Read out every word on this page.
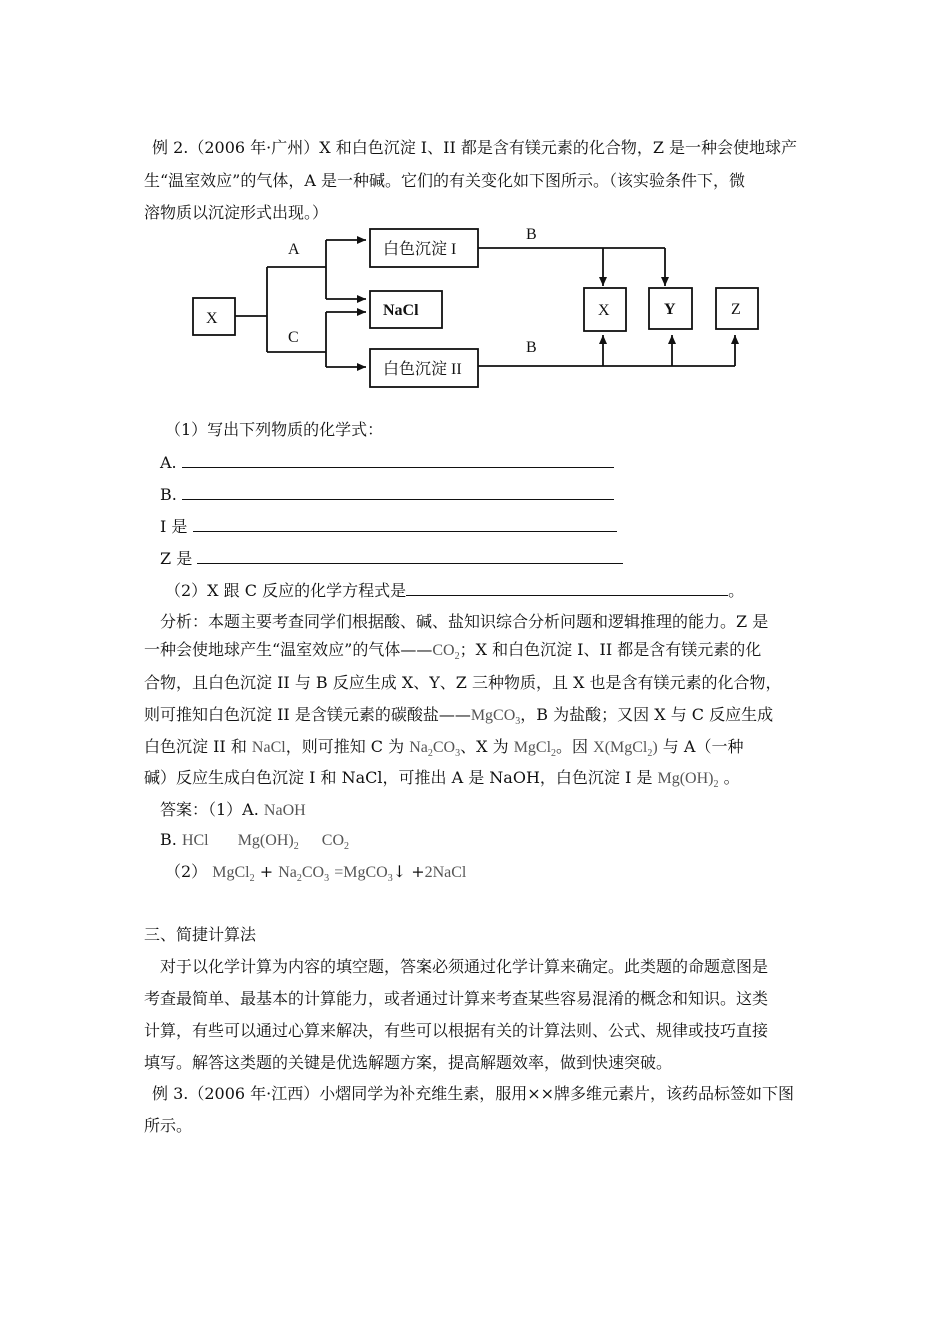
例 2.（2006 年·广州）X 和白色沉淀 I、II 都是含有镁元素的化合物，Z 是一种会使地球产
生“温室效应”的气体，A 是一种碱。它们的有关变化如下图所示。（该实验条件下，微
溶物质以沉淀形式出现。）
X
白色沉淀 I
NaCl
白色沉淀 II
A
C
B
B
X	Y	Z
（1）写出下列物质的化学式：
A.
B.
I 是
Z 是
（2）X 跟 C 反应的化学方程式是	。
分析：本题主要考查同学们根据酸、碱、盐知识综合分析问题和逻辑推理的能力。Z 是
一种会使地球产生“温室效应”的气体$——CO_2$；X 和白色沉淀 I、II 都是含有镁元素的化
合物，且白色沉淀 II 与 B 反应生成 X、Y、Z 三种物质，且 X 也是含有镁元素的化合物，
则可推知白色沉淀 II 是含镁元素的碳酸盐——MgCO$_3$，B 为盐酸；又因 X 与 C 反应生成
白色沉淀 II 和 NaCl，则可推知 C 为 $Na_2CO_3$、X 为 MgCl$_2$。因 X(MgCl$_2$) 与 A（一种
碱）反应生成白色沉淀 I 和 NaCl，可推出 A 是 NaOH，白色沉淀 I 是 $Mg(OH)_2$ 。
答案：（1）A. NaOH
B. HCl $Mg(OH)_2$ $CO_2$
（2） MgCl$_2$ + $Na_2CO_3$ =MgCO$_3$↓ +2NaCl
三、简捷计算法
对于以化学计算为内容的填空题，答案必须通过化学计算来确定。此类题的命题意图是
考查最简单、最基本的计算能力，或者通过计算来考查某些容易混淆的概念和知识。这类
计算，有些可以通过心算来解决，有些可以根据有关的计算法则、公式、规律或技巧直接
填写。解答这类题的关键是优选解题方案，提高解题效率，做到快速突破。
例 3.（2006 年·江西）小熠同学为补充维生素，服用××牌多维元素片，该药品标签如下图
所示。
